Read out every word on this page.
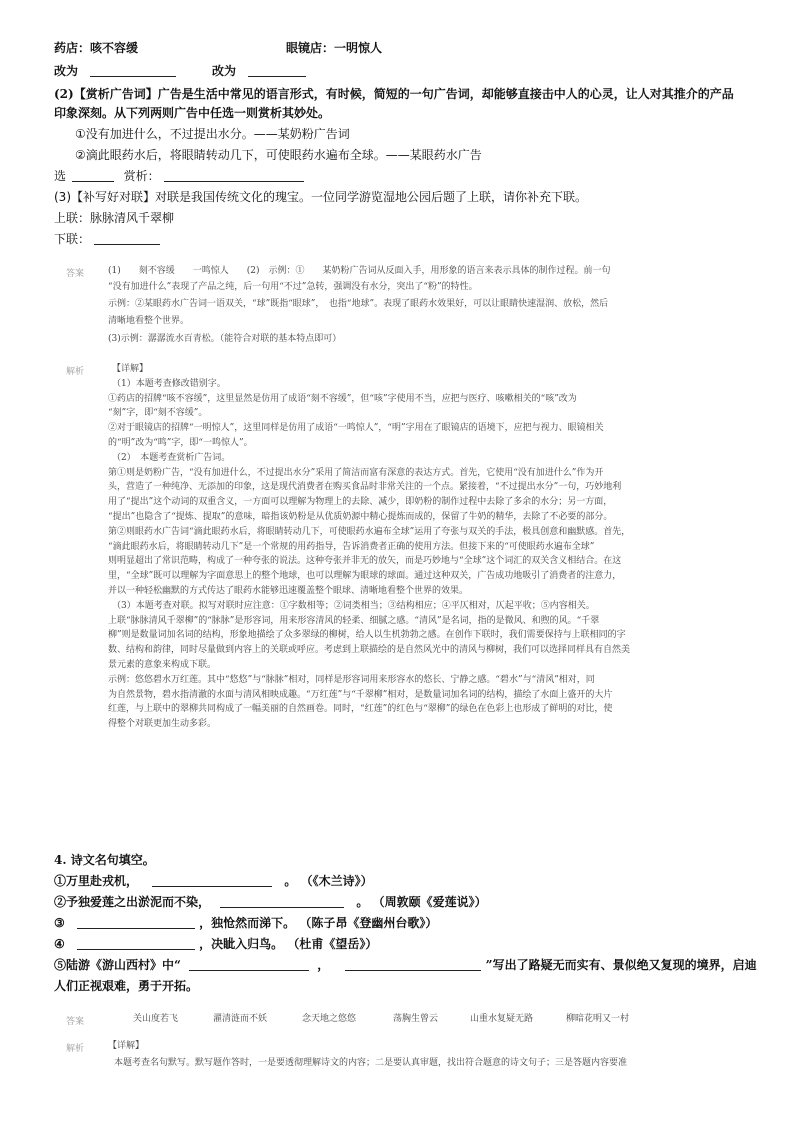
药店：咳不容缓	眼镜店：一明惊人
改为	改为
(2)【赏析广告词】广告是生活中常见的语言形式，有时候，简短的一句广告词，却能够直接击中人的心灵，让人对其推介的产品
印象深刻。从下列两则广告中任选一则赏析其妙处。
①没有加进什么，不过提出水分。——某奶粉广告词
②滴此眼药水后，将眼睛转动几下，可使眼药水遍布全球。——某眼药水广告
选	赏析：
(3)【补写好对联】对联是我国传统文化的瑰宝。一位同学游览湿地公园后题了上联，请你补充下联。
上联：脉脉清风千翠柳
下联：
答案	(1)　　刻不容缓　　一鸣惊人　　(2)　示例：①　　某奶粉广告词从反面入手，用形象的语言来表示具体的制作过程。前一句
“没有加进什么”表现了产品之纯，后一句用“不过”急转，强调没有水分，突出了“粉”的特性。
示例：②某眼药水广告词一语双关，“球”既指“眼球”，　也指“地球”。表现了眼药水效果好，可以让眼睛快速湿润、放松，然后
清晰地看整个世界。
(3)示例：潺潺流水百青松。（能符合对联的基本特点即可）
解析	【详解】
（1）本题考查修改错别字。
①药店的招牌“咳不容缓”，这里显然是仿用了成语“刻不容缓”，但“咳”字使用不当，应把与医疗、咳嗽相关的“咳”改为
“刻”字，即“刻不容缓”。
②对于眼镜店的招牌“一明惊人”，这里同样是仿用了成语“一鸣惊人”，“明”字用在了眼镜店的语境下，应把与视力、眼镜相关
的“明”改为“鸣”字，即“一鸣惊人”。
（2）　本题考查赏析广告词。
第①则是奶粉广告，“没有加进什么，不过提出水分”采用了简洁而富有深意的表达方式。首先，它使用“没有加进什么”作为开
头，营造了一种纯净、无添加的印象，这是现代消费者在购买食品时非常关注的一个点。紧接着，“不过提出水分”一句，巧妙地利
用了“提出”这个动词的双重含义，一方面可以理解为物理上的去除、减少，即奶粉的制作过程中去除了多余的水分；另一方面，
“提出”也隐含了“提炼、提取”的意味，暗指该奶粉是从优质奶源中精心提炼而成的，保留了牛奶的精华，去除了不必要的部分。
第②则眼药水广告词“滴此眼药水后，将眼睛转动几下，可使眼药水遍布全球”运用了夸张与双关的手法，极具创意和幽默感。首先，
“滴此眼药水后，将眼睛转动几下”是一个常规的用药指导，告诉消费者正确的使用方法。但接下来的“可使眼药水遍布全球”
则明显超出了常识范畴，构成了一种夸张的说法。这种夸张并非无的放矢，而是巧妙地与“全球”这个词汇的双关含义相结合。在这
里，“全球”既可以理解为字面意思上的整个地球，也可以理解为眼球的球面。通过这种双关，广告成功地吸引了消费者的注意力，
并以一种轻松幽默的方式传达了眼药水能够迅速覆盖整个眼球、清晰地看整个世界的效果。
（3）本题考查对联。拟写对联时应注意：①字数相等；②词类相当；③结构相应；④平仄相对，仄起平收；⑤内容相关。
上联“脉脉清风千翠柳”的“脉脉”是形容词，用来形容清风的轻柔、细腻之感。“清风”是名词，指的是微风、和煦的风。“千翠
柳”则是数量词加名词的结构，形象地描绘了众多翠绿的柳树，给人以生机勃勃之感。在创作下联时，我们需要保持与上联相同的字
数、结构和韵律，同时尽量做到内容上的关联或呼应。考虑到上联描绘的是自然风光中的清风与柳树，我们可以选择同样具有自然美
景元素的意象来构成下联。
示例：悠悠碧水万红莲。其中“悠悠”与“脉脉”相对，同样是形容词用来形容水的悠长、宁静之感。“碧水”与“清风”相对，同
为自然景物，碧水指清澈的水面与清风相映成趣。“万红莲”与“千翠柳”相对，是数量词加名词的结构，描绘了水面上盛开的大片
红莲，与上联中的翠柳共同构成了一幅美丽的自然画卷。同时，“红莲”的红色与“翠柳”的绿色在色彩上也形成了鲜明的对比，使
得整个对联更加生动多彩。
4. 诗文名句填空。
①万里赴戎机，	。 （《木兰诗》）
②予独爱莲之出淤泥而不染，	。 （周敦颐《爱莲说》）
③	，独怆然而涕下。 （陈子昂《登幽州台歌》）
④	，决眦入归鸟。 （杜甫《望岳》）
⑤陆游《游山西村》中“	，	”写出了路疑无而实有、景似绝又复现的境界，启迪
人们正视艰难，勇于开拓。
答案	关山度若飞	濯清涟而不妖	念天地之悠悠	荡胸生曾云	山重水复疑无路	柳暗花明又一村
解析	【详解】
本题考查名句默写。默写题作答时，一是要透彻理解诗文的内容；二是要认真审题，找出符合题意的诗文句子；三是答题内容要准
